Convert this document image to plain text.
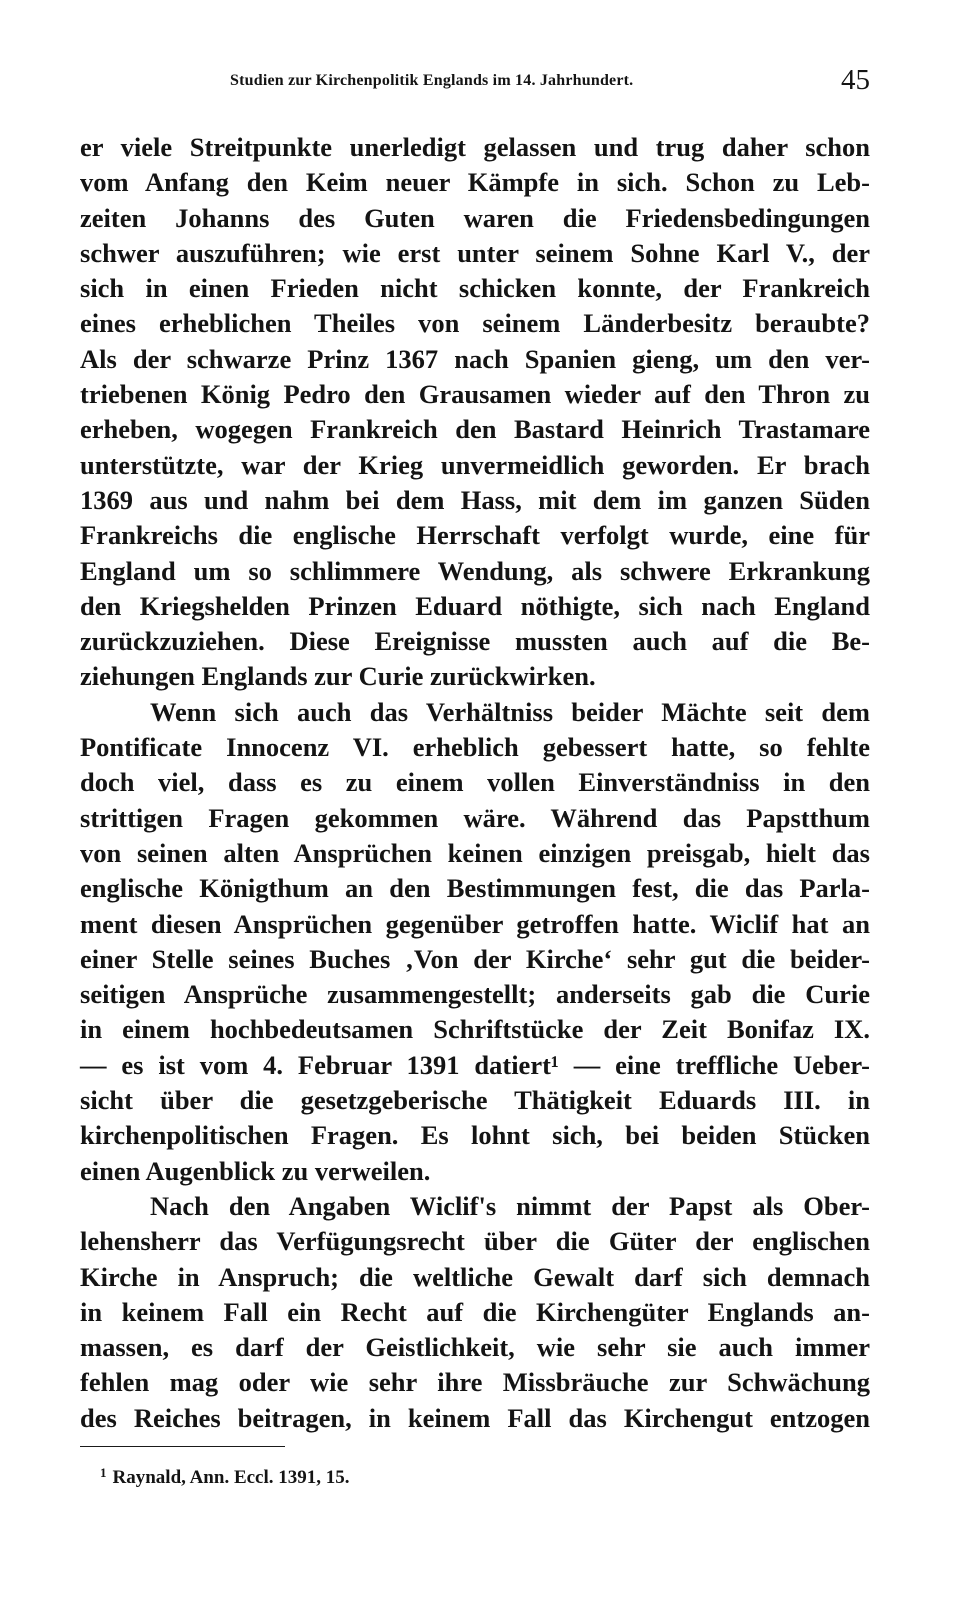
Studien zur Kirchenpolitik Englands im 14. Jahrhundert.	45
er viele Streitpunkte unerledigt gelassen und trug daher schon
vom Anfang den Keim neuer Kämpfe in sich. Schon zu Leb-
zeiten Johanns des Guten waren die Friedensbedingungen
schwer auszuführen; wie erst unter seinem Sohne Karl V., der
sich in einen Frieden nicht schicken konnte, der Frankreich
eines erheblichen Theiles von seinem Länderbesitz beraubte?
Als der schwarze Prinz 1367 nach Spanien gieng, um den ver-
triebenen König Pedro den Grausamen wieder auf den Thron zu
erheben, wogegen Frankreich den Bastard Heinrich Trastamare
unterstützte, war der Krieg unvermeidlich geworden. Er brach
1369 aus und nahm bei dem Hass, mit dem im ganzen Süden
Frankreichs die englische Herrschaft verfolgt wurde, eine für
England um so schlimmere Wendung, als schwere Erkrankung
den Kriegshelden Prinzen Eduard nöthigte, sich nach England
zurückzuziehen. Diese Ereignisse mussten auch auf die Be-
ziehungen Englands zur Curie zurückwirken.
Wenn sich auch das Verhältniss beider Mächte seit dem
Pontificate Innocenz VI. erheblich gebessert hatte, so fehlte
doch viel, dass es zu einem vollen Einverständniss in den
strittigen Fragen gekommen wäre. Während das Papstthum
von seinen alten Ansprüchen keinen einzigen preisgab, hielt das
englische Königthum an den Bestimmungen fest, die das Parla-
ment diesen Ansprüchen gegenüber getroffen hatte. Wiclif hat an
einer Stelle seines Buches ‚Von der Kirche‘ sehr gut die beider-
seitigen Ansprüche zusammengestellt; anderseits gab die Curie
in einem hochbedeutsamen Schriftstücke der Zeit Bonifaz IX.
— es ist vom 4. Februar 1391 datiert¹ — eine treffliche Ueber-
sicht über die gesetzgeberische Thätigkeit Eduards III. in
kirchenpolitischen Fragen. Es lohnt sich, bei beiden Stücken
einen Augenblick zu verweilen.
Nach den Angaben Wiclif's nimmt der Papst als Ober-
lehensherr das Verfügungsrecht über die Güter der englischen
Kirche in Anspruch; die weltliche Gewalt darf sich demnach
in keinem Fall ein Recht auf die Kirchengüter Englands an-
massen, es darf der Geistlichkeit, wie sehr sie auch immer
fehlen mag oder wie sehr ihre Missbräuche zur Schwächung
des Reiches beitragen, in keinem Fall das Kirchengut entzogen
$^1$ Raynald, Ann. Eccl. 1391, 15.
